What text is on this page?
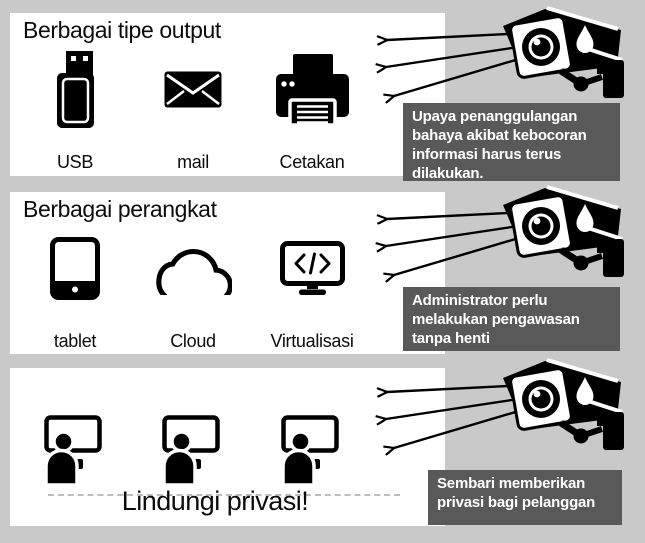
Berbagai tipe output
USB	mail	Cetakan
Berbagai perangkat
tablet	Cloud	Virtualisasi
Lindungi privasi!
Upaya penanggulangan bahaya akibat kebocoran informasi harus terus dilakukan.
Administrator perlu melakukan pengawasan tanpa henti
Sembari memberikan privasi bagi pelanggan
